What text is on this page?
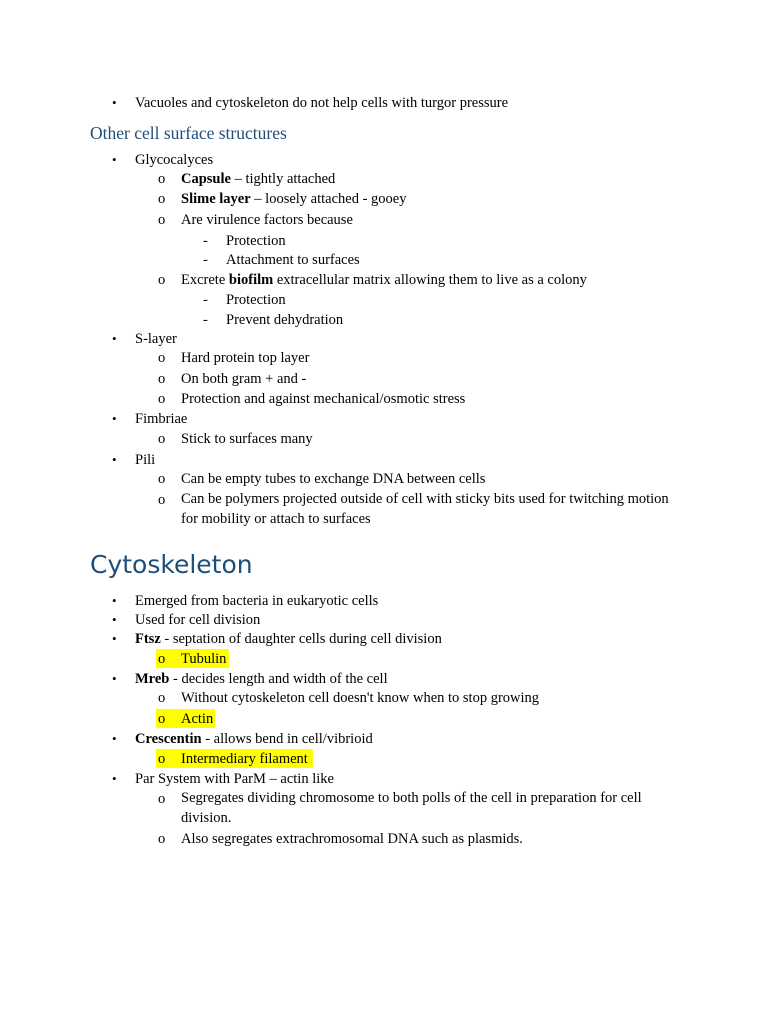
• Vacuoles and cytoskeleton do not help cells with turgor pressure
Other cell surface structures
• Glycocalyces
o Capsule – tightly attached
o Slime layer – loosely attached - gooey
o Are virulence factors because
- Protection
- Attachment to surfaces
o Excrete biofilm extracellular matrix allowing them to live as a colony
- Protection
- Prevent dehydration
• S-layer
o Hard protein top layer
o On both gram + and -
o Protection and against mechanical/osmotic stress
• Fimbriae
o Stick to surfaces many
• Pili
o Can be empty tubes to exchange DNA between cells
o Can be polymers projected outside of cell with sticky bits used for twitching motion for mobility or attach to surfaces
Cytoskeleton
• Emerged from bacteria in eukaryotic cells
• Used for cell division
• Ftsz - septation of daughter cells during cell division
o Tubulin
• Mreb - decides length and width of the cell
o Without cytoskeleton cell doesn't know when to stop growing
o Actin
• Crescentin - allows bend in cell/vibrioid
o Intermediary filament
• Par System with ParM – actin like
o Segregates dividing chromosome to both polls of the cell in preparation for cell division.
o Also segregates extrachromosomal DNA such as plasmids.
